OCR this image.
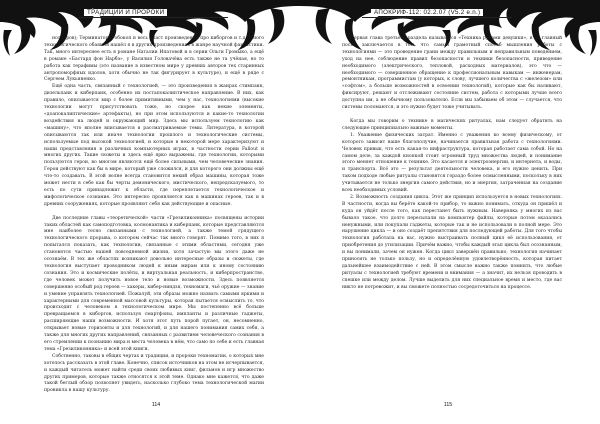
ТРАДИЦИИ И ПРОРОКИ

ноллеров); Терминатор, Робокоп и весь пласт произведений про киборгов и т.д. Много технологического обаяния нашёл я в других произведениях в жанре научной фантастики. Так, много интереснее есть в романе Наталии Ипатовой и в серии Ольги Громыко, а ещё в романе «Бастард фон Нарбэ», у Василия Головачёва есть также не та учёная, но то работа как терафимы (это название в известном мире у древних авторов тех старинных антропоморфных идолов, хотя обычно не так фигурирует в культуре), и ещё в ряде с Сергеем Лукьяненко.

Ещё одна часть, связанный с технологией, — это произведения в жанрах стимпанк, дизельпанк и киберпанк, особенно их постапокалиптическое направление. В них, как правило, описывается мир с более примитивными, чем у нас, технологиями (высокие технологии могут присутствовать тоже, но скорее как некие элементы, «доапокалиптические» артефакты), но при этом используются и какие-то технологии воздействия на людей и окружающий мир. Здесь мы используем технологию как «машину», что вполне вписывается в рассматриваемые темы. Литература, в которой описываются так или иначе технологии прошлого и технологические системы, используемые под высокой технологией, и которые в некоторой мере характеризуют и наши представления в различных компьютерных играх, в частности серии Fallout и многих других. Такие сюжеты и здесь ещё ярко выражены, где технологии, которыми пользуются герои, во многом являются ещё более сильными, чем человеческие знания. Герои действуют как бы в мире, который уже сложился, и для которого они должны ещё что-то создавать. В этой волне всегда становится некий образ машины, которая тоже может нести в себе как бы черты демонического, мистического, непредсказуемого, то есть по сути принадлежит к области, где переплетается технологическое и мифологическое сознание. Это интересно проявляется как в машинах героев, так и в древних сооружениях, которые проявляют себя как действующие и опасные.

Две последние главы «теоретической» части «Грезиликонника» посвящены истории таких областей как самоподготовка, космонавтика и киберпанк, которые представляются мне наиболее тесно связанными с технологией, а также темой грядущего технологического прорыва, о котором сейчас так много говорят. Помимо того, в них я попытался показать, как технологии, связанные с этими областями, сегодня уже становятся частью нашей повседневной жизни, хотя зачастую мы этого даже не осознаём. В тех же областях возникают довольно интересные образы и сюжеты, где технология выступает проводником людей к иным мирам или к иному состоянию сознания. Это и космические полёты, и виртуальная реальность, и киберпространство, где человек может получить новое тело и новые возможности. Здесь появляется совершенно особый род героев — хакеры, кибер-ниндзя, техномаги, чьё оружие — знание и умение управлять технологией. Пожалуй, эти образы можно назвать самыми яркими и характерными для современной массовой культуры, которая пытается осмыслить то, что происходит с человеком в технологическом мире. Мы постепенно всё больше превращаемся в киборгов, используя смартфоны, импланты и различные гаджеты, расширяющие наши возможности. И хотя этот путь порой пугает, он, несомненно, открывает новые горизонты и для технологий, и для нашего понимания самих себя, а также для многих других направлений, связанных с развитием человеческого сознания в его стремлении к познанию мира и места человека в нём, что само по себе и есть главная тема «Грезиликонника» и всей этой книги.

Собственно, таковы в общих чертах и традиции, и пророки техномагии, о которых мне хотелось рассказать в этой главе. Конечно, список источников на этом не исчерпывается, и каждый читатель может найти среди своих любимых книг, фильмов и игр множество других примеров, которые также относятся к этой теме. Однако мне кажется, что даже такой беглый обзор позволяет увидеть, насколько глубоко тема технологической магии проникла в нашу культуру.

114
АПОКРИФ-112: 02.2.07 (V5.2 e.n.)

Первая глава третьего раздела называется «Техника руками девушки», и её главный посыл заключается в том, что самый грамотный способ мышления работы с технологиями — это проведение грани между правильным и неправильным поведением, уход на нее, соблюдение правил безопасности и техники безопасности, приведение необходимого (электрического, тепловой, расходных материалов), это что — необходимого — совершенное обращение к профессиональным навыкам — инженерам, ремонтникам, программистам (у которых, к слову, лучшего количества с «железом» или «софтом», а больше возможностей в освоении технологий), которые как бы наливают, фиксируют, решают и отслеживают состояние систем, работа с которыми лучше всего доступна им, а не обычному пользователю. Если мы забываем об этом — случается, что системы поломаются, и это нужно будет тоже учитывать.

Когда мы говорим о технике в магических ритуалах, нам следует обратить на следующие принципиально важные моменты.

1. Уважение физических затрат. Именно с уважения ко всему физическому, от которого зависит ваше благополучие, начинается правильная работа с технологиями. Человек привык, что есть какая-то инфраструктура, которая работает сама собой. Но на самом деле, за каждой кнопкой стоит огромный труд множества людей, и понимание этого меняет отношение к технике. Это касается и электроэнергии, и интернета, и воды, и транспорта. Всё это — результат деятельности человека, и его нужно ценить. При таком подходе любые ритуалы становятся гораздо более осмысленными, поскольку в них учитывается не только энергия самого действия, но и энергия, затраченная на создание всех необходимых условий.

2. Возможность создания цикла. Этот же принцип используется в новых технологиях. В частности, когда вы берёте какой-то прибор, то важно понимать, откуда он пришёл и куда он уйдёт после того, как перестанет быть нужным. Наверняка у многих из вас бывало такое, что долго пересылали на компьютер файлы, которые потом оказались ненужными, или покупали гаджеты, которые так и не использовали в полной мере. Это нарушение цикла — и оно создаёт препятствия для последующей работы. Для того чтобы технология работала на вас, нужно выстраивать полный цикл её использования, от приобретения до утилизации. Причём важно, чтобы каждый этап цикла был осознанным, и вы понимали, зачем он нужен. Когда цикл завершён правильно, технология начинает приносить не только пользу, но и определённую удовлетворённость, которая питает дальнейшее взаимодействие с ней. В этом смысле важно также помнить, что любые ритуалы с технологией требуют времени и внимания — а значит, их нельзя проводить в спешке или между делом. Лучше выделить для них специальное время и место, где вас никто не потревожит, и вы сможете полностью сосредоточиться на процессе.

115
